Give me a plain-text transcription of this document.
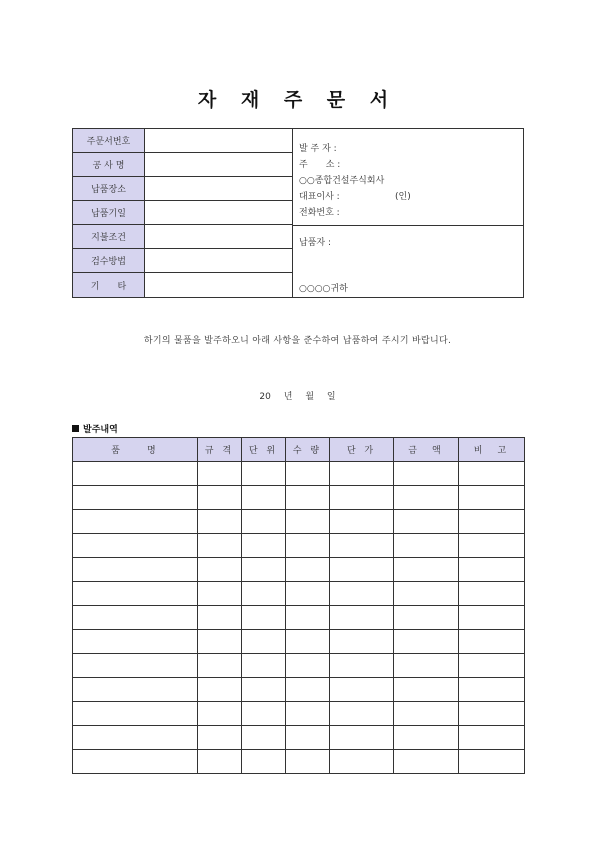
자 재 주 문 서
주문서번호
공 사 명
납품장소
납품기일
지불조건
검수방법
기　　타
발 주 자 :
주　　소 :
○○종합건설주식회사
대표이사 :	(인)
전화번호 :
납품자 :
○○○○귀하
하기의 물품을 발주하오니 아래 사항을 준수하여 납품하여 주시기 바랍니다.
20 년 월 일
발주내역
품　　명	규 격	단 위	수 량	단 가	금　액	비　고
